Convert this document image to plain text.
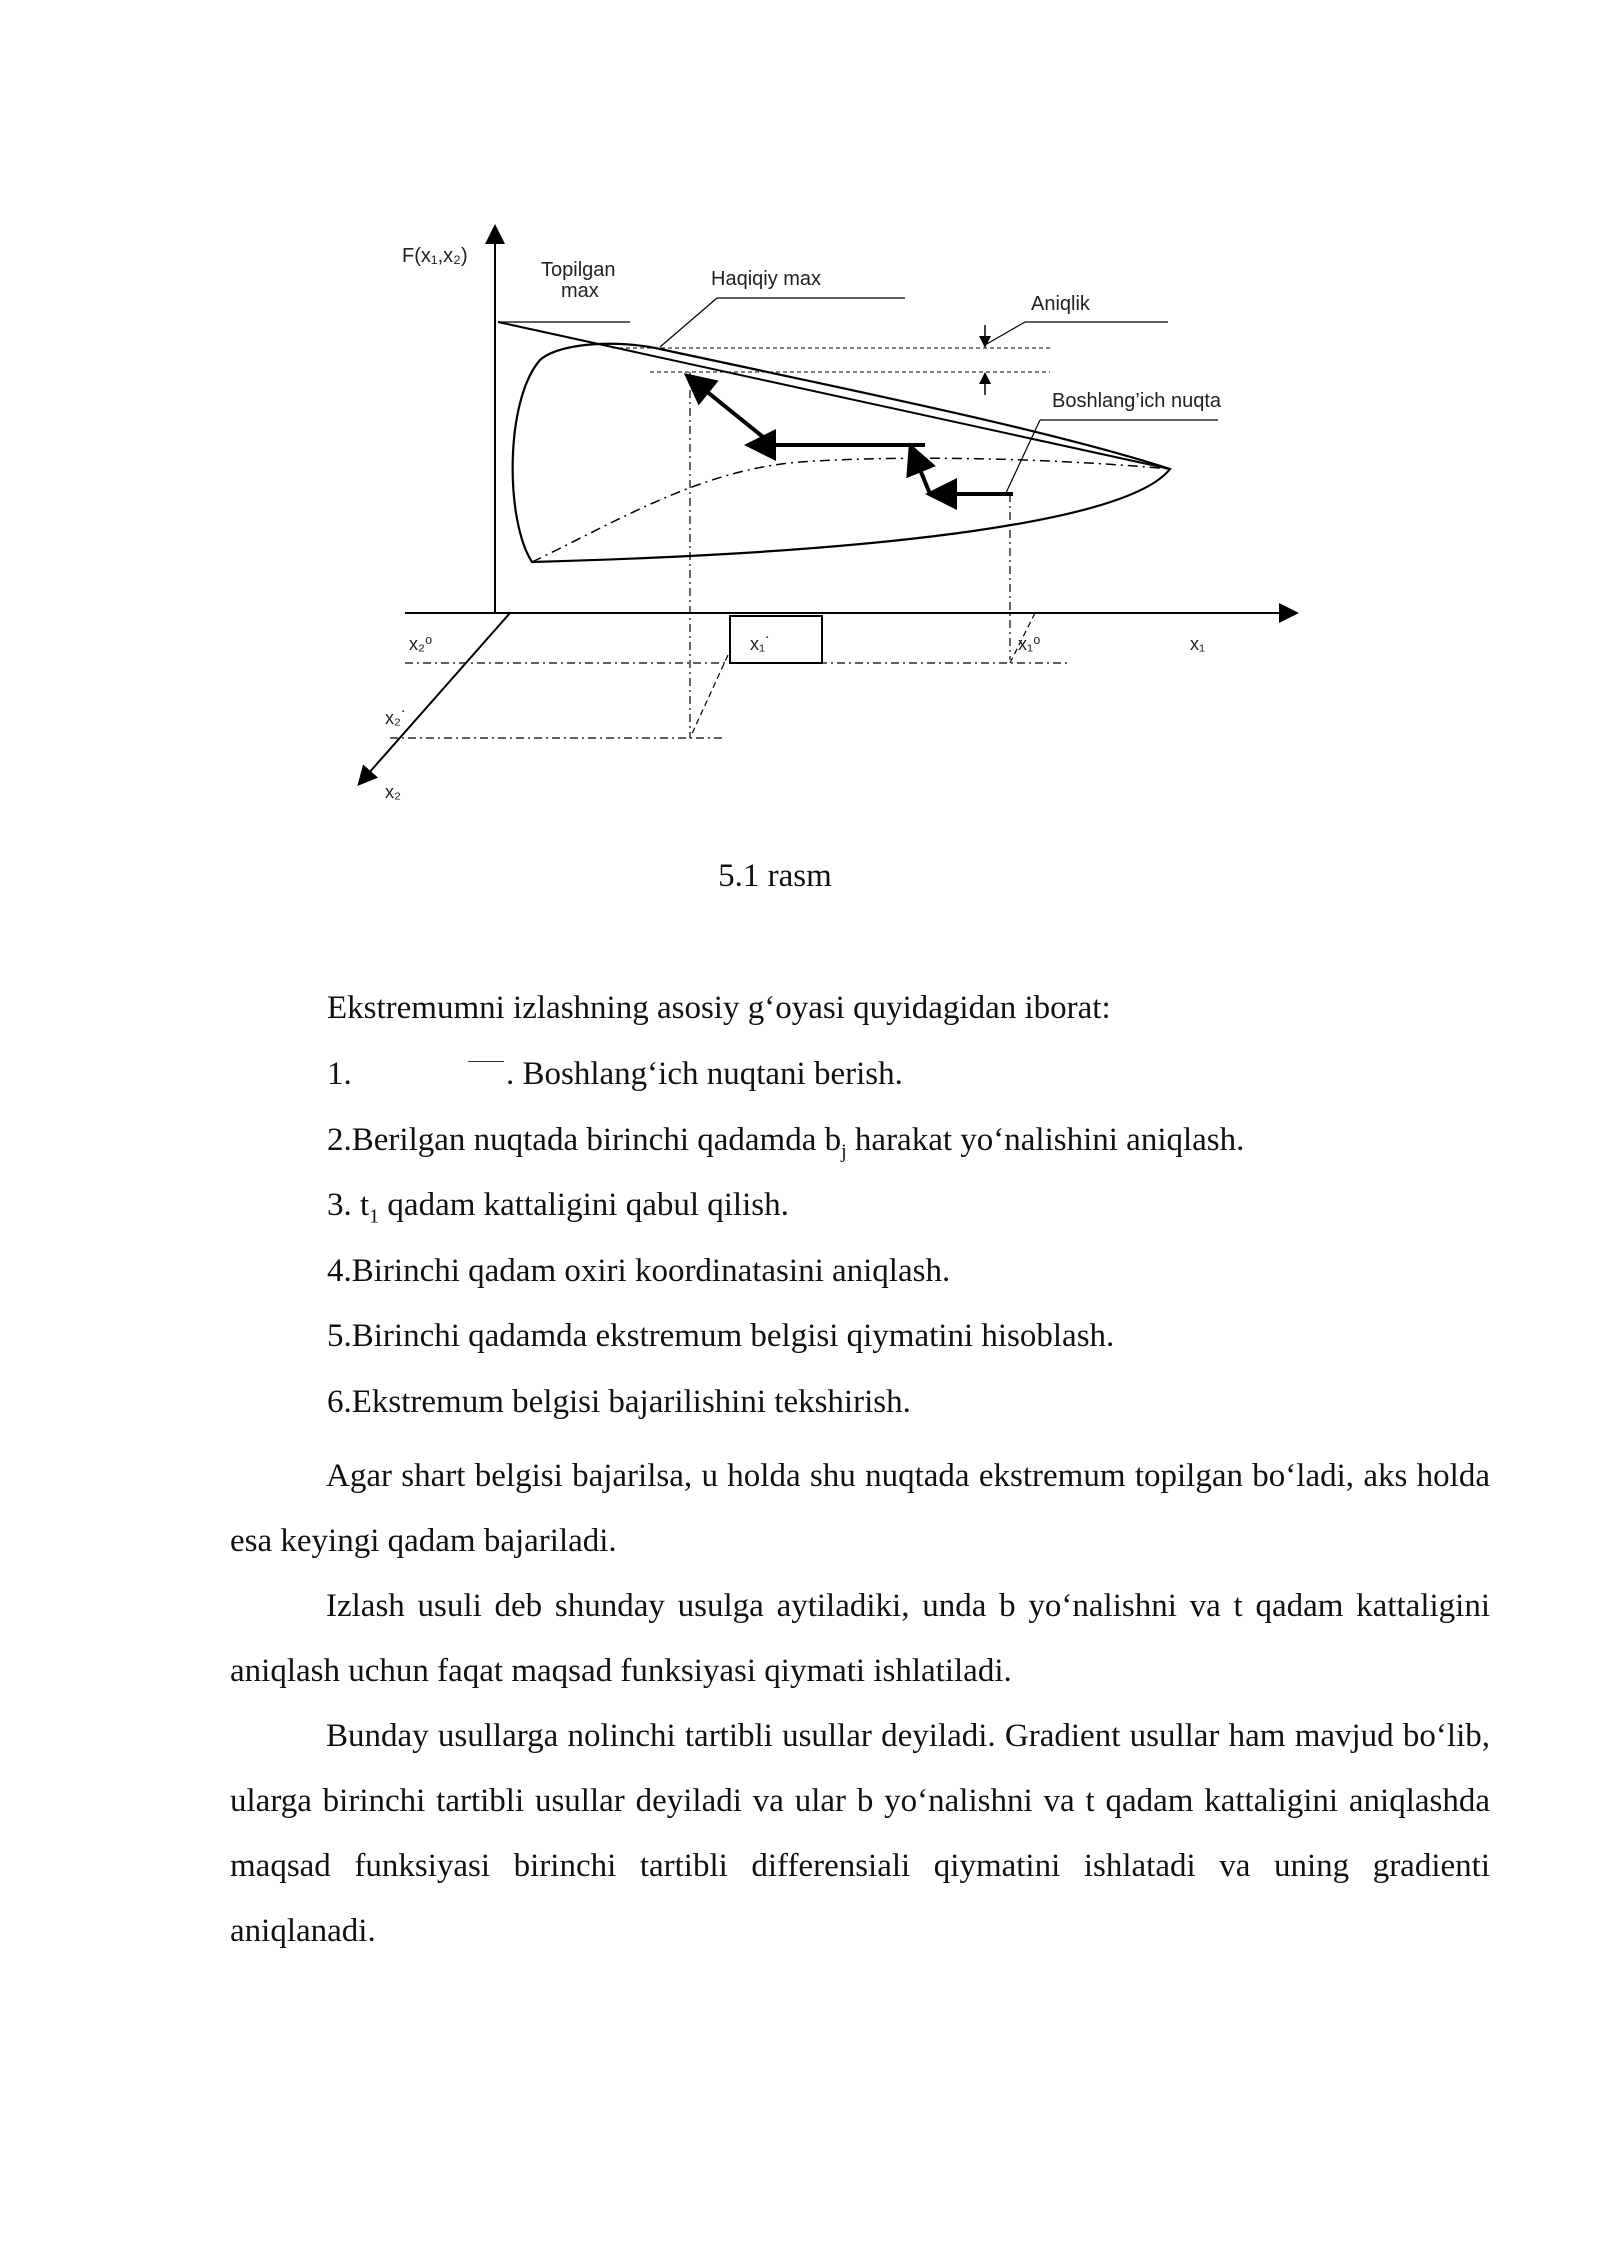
F(x₁,x₂)
Topilgan
max
Haqiqiy max
Aniqlik
Boshlang’ich nuqta
x₂⁰	x₁˙	x₁⁰	x₁
x₂˙
x₂
5.1 rasm
Ekstremumni izlashning asosiy g‘oyasi quyidagidan iborat:
1.	. Boshlang‘ich nuqtani berish.
2.Berilgan nuqtada birinchi qadamda $b_j$ harakat yo‘nalishini aniqlash.
3. $t_1$ qadam kattaligini qabul qilish.
4.Birinchi qadam oxiri koordinatasini aniqlash.
5.Birinchi qadamda ekstremum belgisi qiymatini hisoblash.
6.Ekstremum belgisi bajarilishini tekshirish.

Agar shart belgisi bajarilsa, u holda shu nuqtada ekstremum topilgan bo‘ladi, aks holda esa keyingi qadam bajariladi.

Izlash usuli deb shunday usulga aytiladiki, unda b yo‘nalishni va t qadam kattaligini aniqlash uchun faqat maqsad funksiyasi qiymati ishlatiladi.

Bunday usullarga nolinchi tartibli usullar deyiladi. Gradient usullar ham mavjud bo‘lib, ularga birinchi tartibli usullar deyiladi va ular b yo‘nalishni va t qadam kattaligini aniqlashda maqsad funksiyasi birinchi tartibli differensiali qiymatini ishlatadi va uning gradienti aniqlanadi.
